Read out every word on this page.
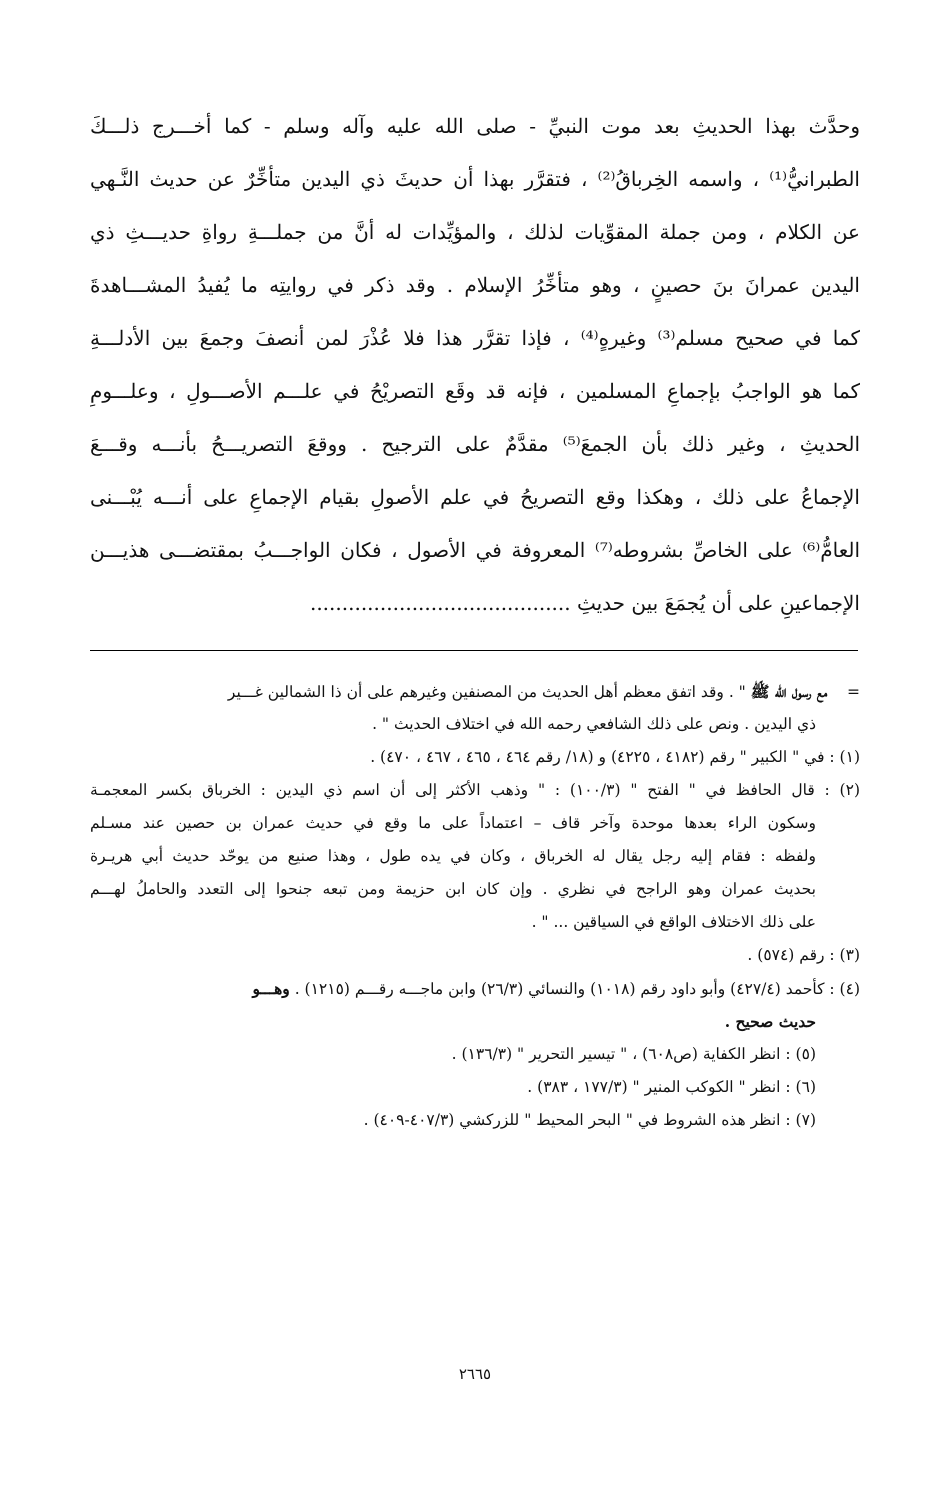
وحدَّث بهذا الحديثِ بعد موت النبيِّ - صلى الله عليه وآله وسلم - كما أخـــرج ذلـــكَ
الطبرانيُّ⁽¹⁾ ، واسمه الخِرباقُ⁽²⁾ ، فتقرَّر بهذا أن حديثَ ذي اليدين متأخِّرٌ عن حديث النَّـهي
عن الكلام ، ومن جملة المقوِّيات لذلك ، والمؤيِّدات له أنَّ من جملـــةِ رواةِ حديـــثِ ذي
اليدين عمرانَ بنَ حصينٍ ، وهو متأخِّرُ الإسلام . وقد ذكر في روايتِه ما يُفيدُ المشـــاهدةَ
كما في صحيح مسلم⁽³⁾ وغيرهٍ⁽⁴⁾ ، فإذا تقرَّر هذا فلا عُذْرَ لمن أنصفَ وجمعَ بين الأدلـــةِ
كما هو الواجبُ بإجماعِ المسلمين ، فإنه قد وقَع التصريْحُ في علـــم الأصـــولِ ، وعلـــومِ
الحديثِ ، وغير ذلك بأن الجمعَ⁽⁵⁾ مقدَّمٌ على الترجيح . ووقعَ التصريـــحُ بأنـــه وقـــعَ
الإجماعُ على ذلك ، وهكذا وقع التصريحُ في علم الأصولِ بقيام الإجماعِ على أنـــه يُبْـــنى
العامُّ⁽⁶⁾ على الخاصِّ بشروطه⁽⁷⁾ المعروفة في الأصول ، فكان الواجـــبُ بمقتضـــى هذيـــن
الإجماعينِ على أن يُجمَعَ بين حديثِ .........................................
=    مع رسول الله ﷺ " . وقد اتفق معظم أهل الحديث من المصنفين وغيرهم على أن ذا الشمالين غـــير
ذي اليدين . ونص على ذلك الشافعي رحمه الله في اختلاف الحديث " .
(١) : في " الكبير " رقم (٤١٨٢ ، ٤٢٢٥) و (١٨/ رقم ٤٦٤ ، ٤٦٥ ، ٤٦٧ ، ٤٧٠) .
(٢) : قال الحافظ في " الفتح " (١٠٠/٣) : " وذهب الأكثر إلى أن اسم ذي اليدين : الخرباق بكسر المعجمـة
وسكون الراء بعدها موحدة وآخر قاف – اعتماداً على ما وقع في حديث عمران بن حصين عند مسـلم
ولفظه : فقام إليه رجل يقال له الخرباق ، وكان في يده طول ، وهذا صنيع من يوحّد حديث أبي هريـرة
بحديث عمران وهو الراجح في نظري . وإن كان ابن حزيمة ومن تبعه جنحوا إلى التعدد والحاملُ لهـــم
على ذلك الاختلاف الواقع في السياقين ... " .
(٣) : رقم (٥٧٤) .
(٤) : كأحمد (٤٢٧/٤) وأبو داود رقم (١٠١٨) والنسائي (٢٦/٣) وابن ماجـــه رقـــم (١٢١٥) . وهـــو
حديث صحيح .
(٥) : انظر الكفاية (ص٦٠٨) ، " تيسير التحرير " (١٣٦/٣) .
(٦) : انظر " الكوكب المنير " (١٧٧/٣ ، ٣٨٣) .
(٧) : انظر هذه الشروط في " البحر المحيط " للزركشي (٤٠٧/٣-٤٠٩) .
٢٦٦٥
